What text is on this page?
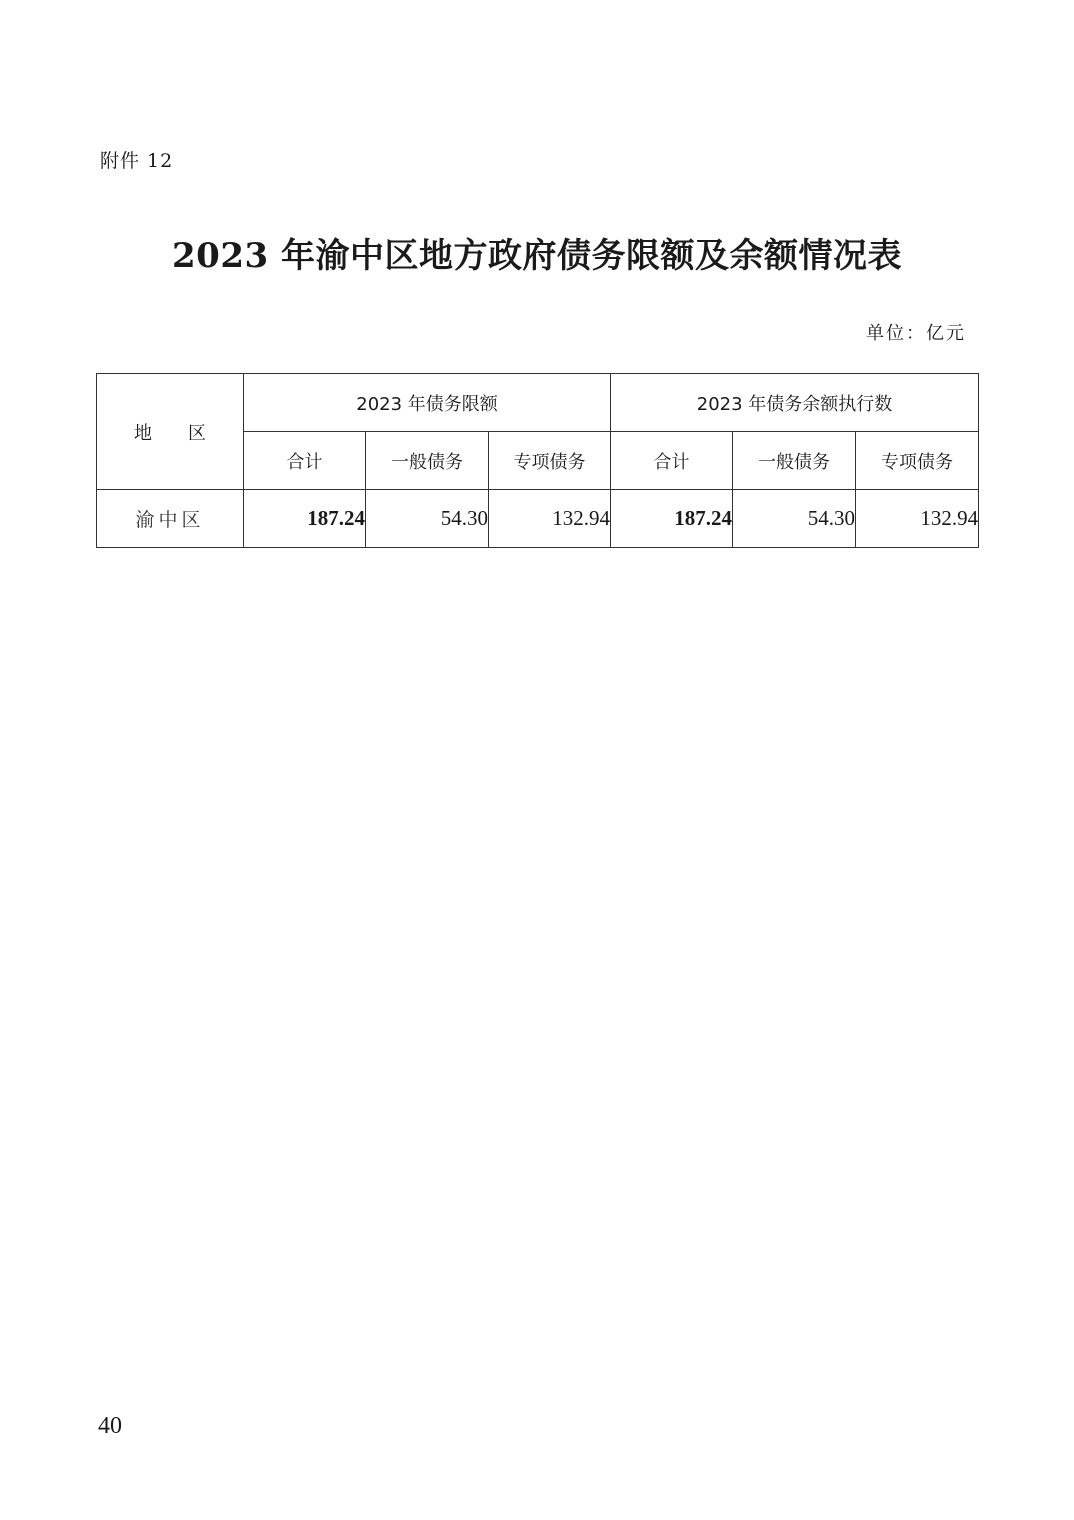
附件 12
2023 年渝中区地方政府债务限额及余额情况表
单位：亿元
地　　区	2023 年债务限额			2023 年债务余额执行数		
	合计	一般债务	专项债务	合计	一般债务	专项债务
渝中区	187.24	54.30	132.94	187.24	54.30	132.94
40
